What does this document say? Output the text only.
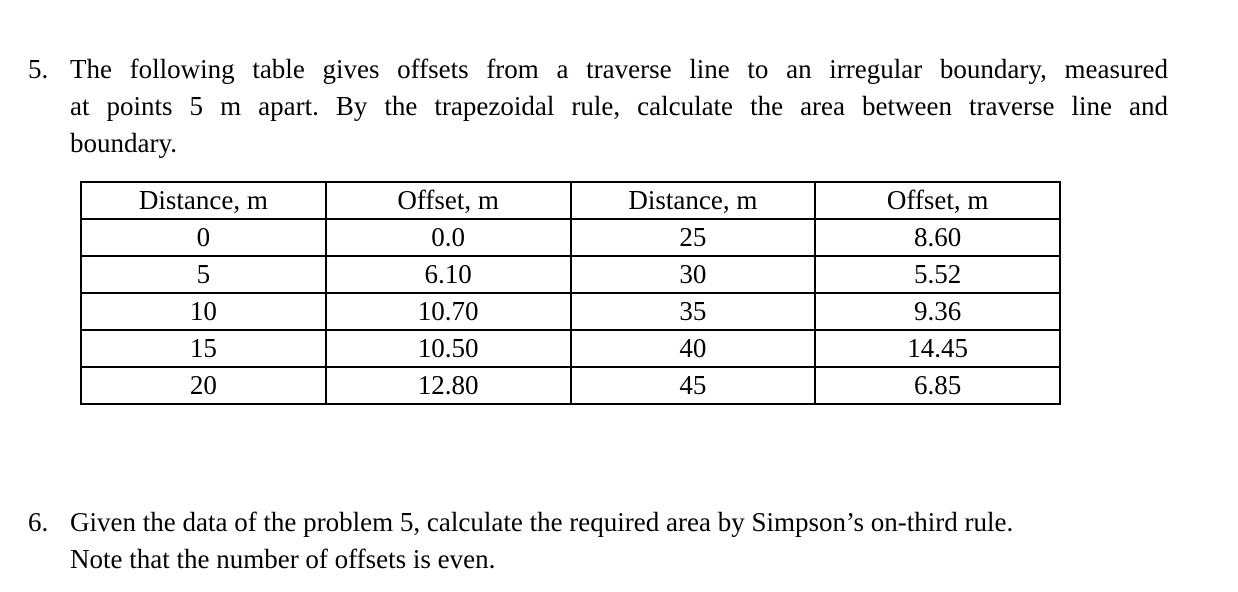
5. The following table gives offsets from a traverse line to an irregular boundary, measured
at points 5 m apart. By the trapezoidal rule, calculate the area between traverse line and
boundary.
Distance, m	Offset, m	Distance, m	Offset, m
0	0.0	25	8.60
5	6.10	30	5.52
10	10.70	35	9.36
15	10.50	40	14.45
20	12.80	45	6.85
6. Given the data of the problem 5, calculate the required area by Simpson’s on-third rule.
Note that the number of offsets is even.
